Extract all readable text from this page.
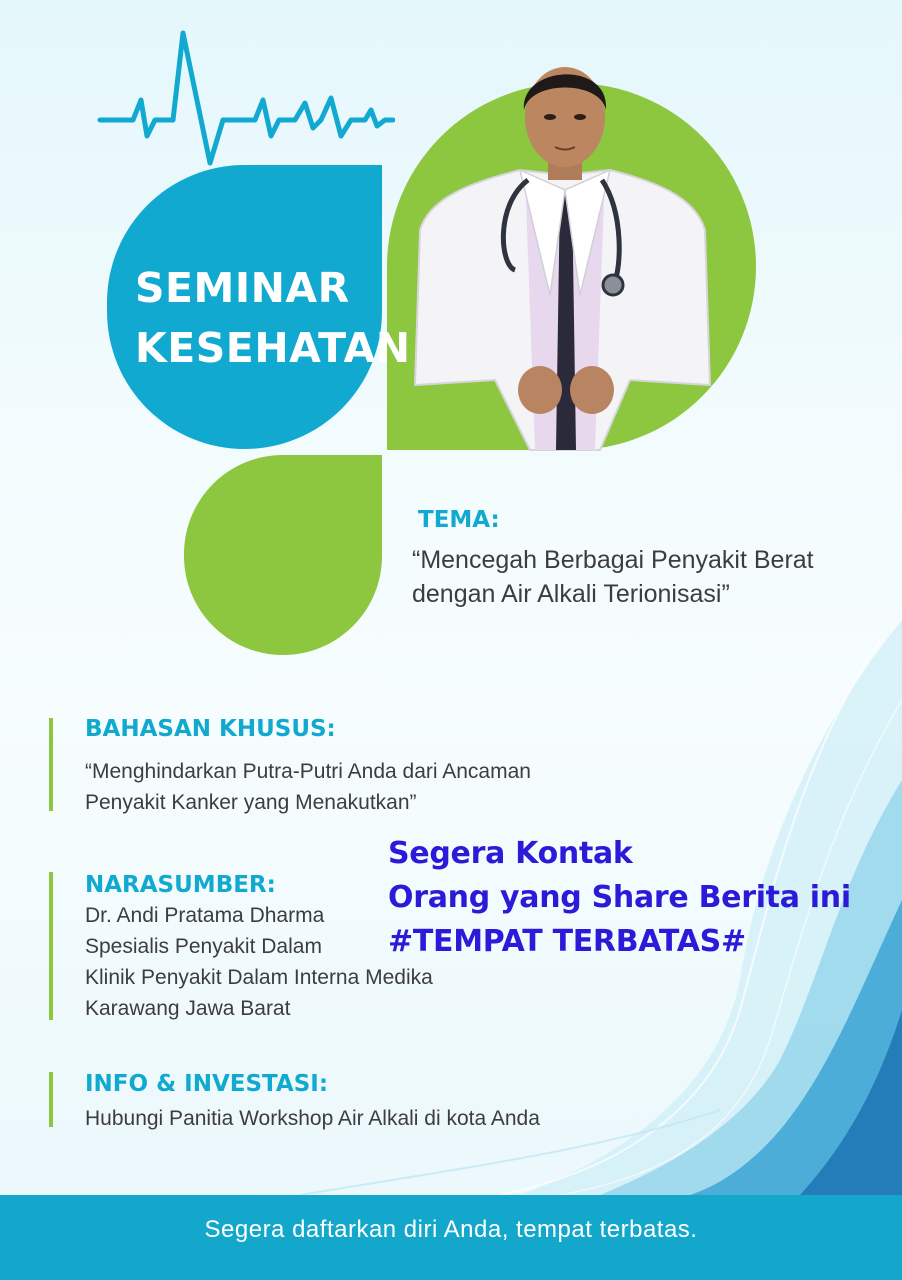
SEMINAR
KESEHATAN
TEMA:
“Mencegah Berbagai Penyakit Berat
dengan Air Alkali Terionisasi”
BAHASAN KHUSUS:
“Menghindarkan Putra-Putri Anda dari Ancaman
Penyakit Kanker yang Menakutkan”
NARASUMBER:
Dr. Andi Pratama Dharma
Spesialis Penyakit Dalam
Klinik Penyakit Dalam Interna Medika
Karawang Jawa Barat
INFO & INVESTASI:
Hubungi Panitia Workshop Air Alkali di kota Anda
Segera Kontak
Orang yang Share Berita ini
#TEMPAT TERBATAS#
Segera daftarkan diri Anda, tempat terbatas.
